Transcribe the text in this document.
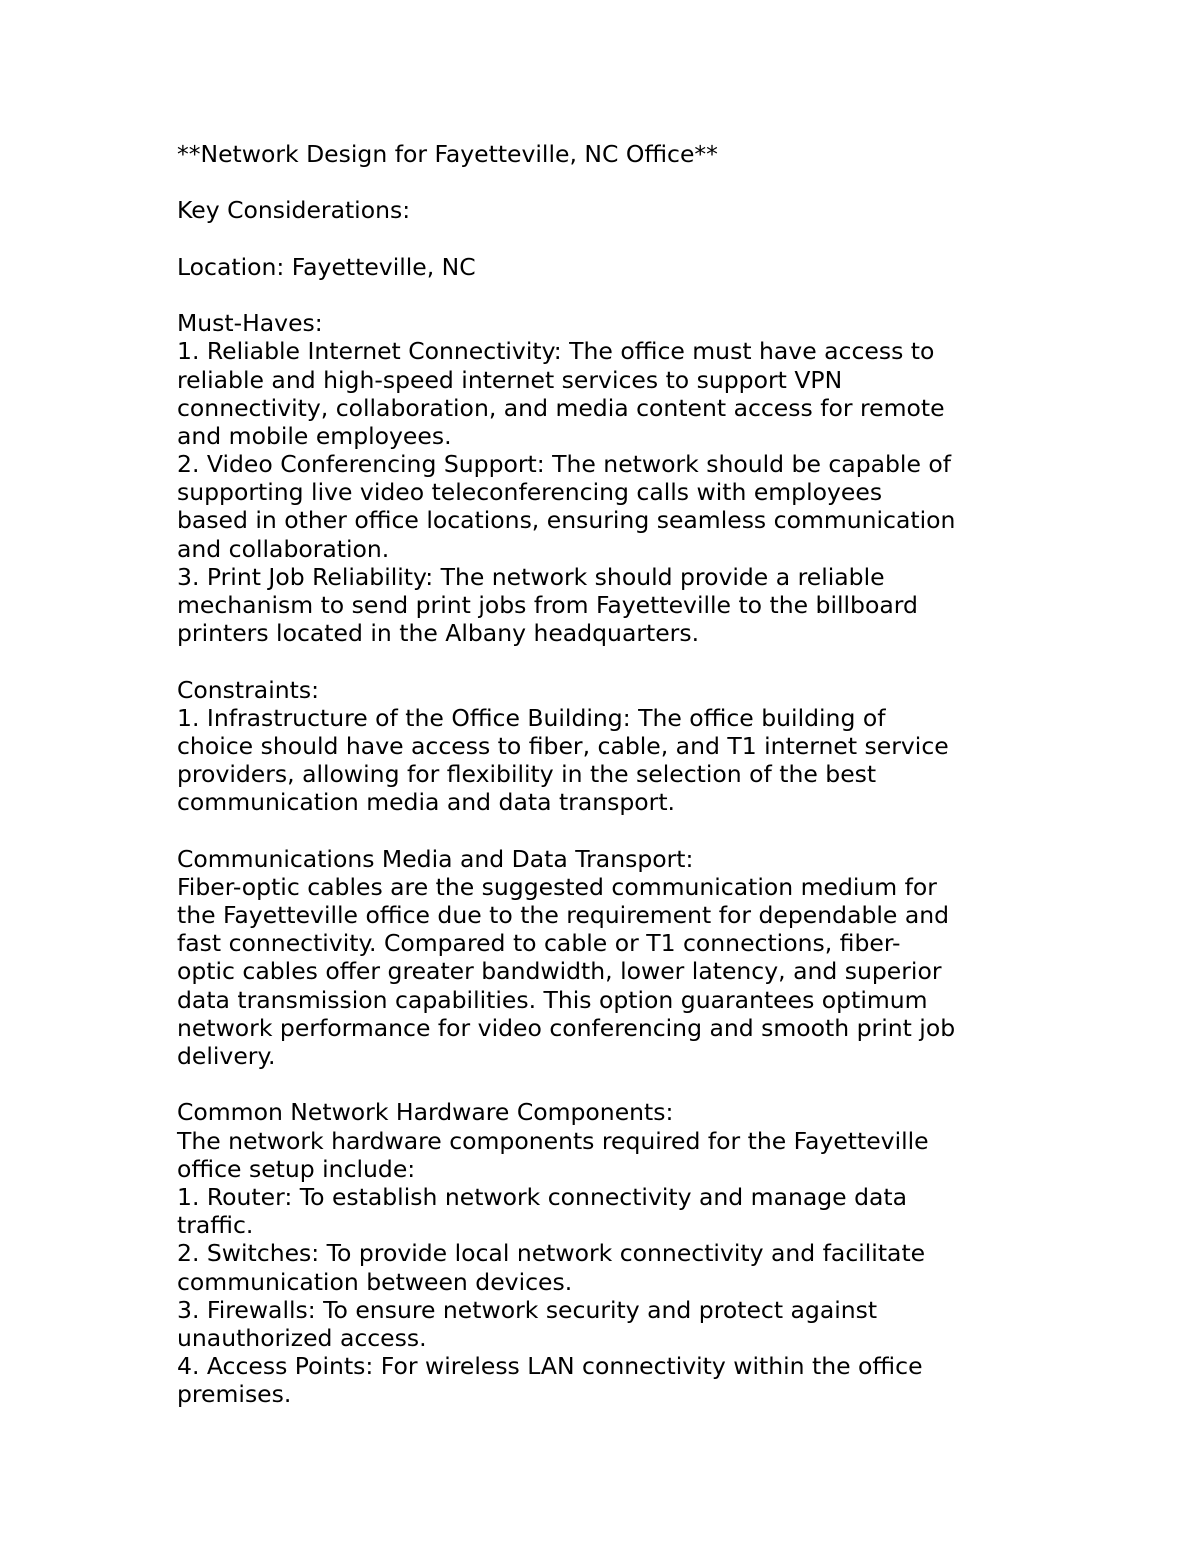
**Network Design for Fayetteville, NC Office**

Key Considerations:

Location: Fayetteville, NC

Must-Haves:

1. Reliable Internet Connectivity: The office must have access to

reliable and high-speed internet services to support VPN

connectivity, collaboration, and media content access for remote

and mobile employees.

2. Video Conferencing Support: The network should be capable of

supporting live video teleconferencing calls with employees

based in other office locations, ensuring seamless communication

and collaboration.

3. Print Job Reliability: The network should provide a reliable

mechanism to send print jobs from Fayetteville to the billboard

printers located in the Albany headquarters.

Constraints:

1. Infrastructure of the Office Building: The office building of

choice should have access to fiber, cable, and T1 internet service

providers, allowing for flexibility in the selection of the best

communication media and data transport.

Communications Media and Data Transport:

Fiber-optic cables are the suggested communication medium for

the Fayetteville office due to the requirement for dependable and

fast connectivity. Compared to cable or T1 connections, fiber-

optic cables offer greater bandwidth, lower latency, and superior

data transmission capabilities. This option guarantees optimum

network performance for video conferencing and smooth print job

delivery.

Common Network Hardware Components:

The network hardware components required for the Fayetteville

office setup include:

1. Router: To establish network connectivity and manage data

traffic.

2. Switches: To provide local network connectivity and facilitate

communication between devices.

3. Firewalls: To ensure network security and protect against

unauthorized access.

4. Access Points: For wireless LAN connectivity within the office

premises.
